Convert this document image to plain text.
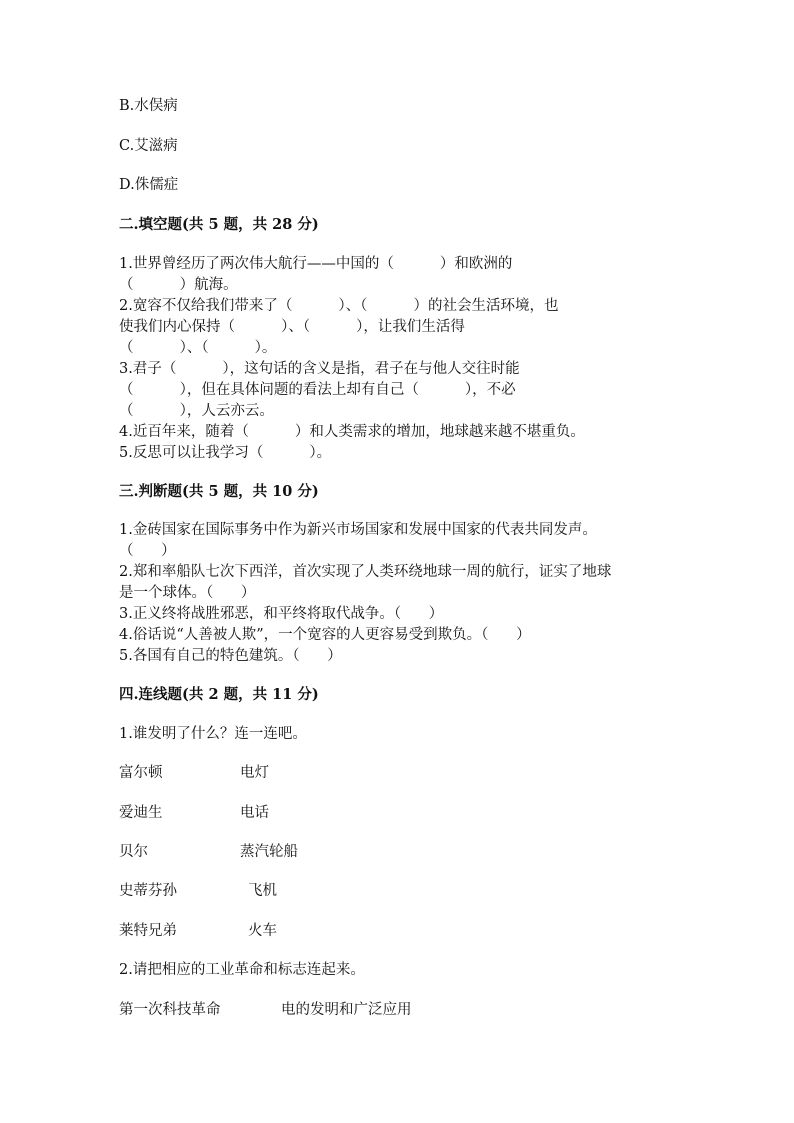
B.水俣病
C.艾滋病
D.侏儒症
二.填空题(共 5 题，共 28 分)
1.世界曾经历了两次伟大航行——中国的（          ）和欧洲的
（          ）航海。
2.宽容不仅给我们带来了（          ）、（          ）的社会生活环境，也
使我们内心保持（          ）、（          ），让我们生活得
（          ）、（          ）。
3.君子（          ），这句话的含义是指，君子在与他人交往时能
（          ），但在具体问题的看法上却有自己（          ），不必
（          ），人云亦云。
4.近百年来，随着（          ）和人类需求的增加，地球越来越不堪重负。
5.反思可以让我学习（          ）。
三.判断题(共 5 题，共 10 分)
1.金砖国家在国际事务中作为新兴市场国家和发展中国家的代表共同发声。
（      ）
2.郑和率船队七次下西洋，首次实现了人类环绕地球一周的航行，证实了地球
是一个球体。（      ）
3.正义终将战胜邪恶，和平终将取代战争。（      ）
4.俗话说“人善被人欺”，一个宽容的人更容易受到欺负。（      ）
5.各国有自己的特色建筑。（      ）
四.连线题(共 2 题，共 11 分)
1.谁发明了什么？连一连吧。
富尔顿	电灯
爱迪生	电话
贝尔	蒸汽轮船
史蒂芬孙	飞机
莱特兄弟	火车
2.请把相应的工业革命和标志连起来。
第一次科技革命	电的发明和广泛应用
